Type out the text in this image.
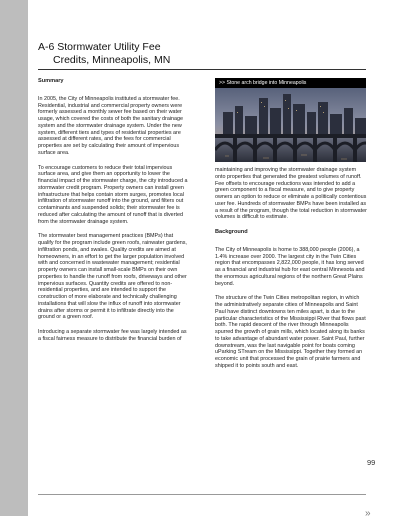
A-6 Stormwater Utility Fee
Credits, Minneapolis, MN

Summary

In 2005, the City of Minneapolis instituted a stormwater fee. Residential, industrial and commercial property owners were formerly assessed a monthly sewer fee based on their water usage, which covered the costs of both the sanitary drainage system and the stormwater drainage system. Under the new system, different tiers and types of residential properties are assessed at different rates, and the fees for commercial properties are set by calculating their amount of impervious surface area.

To encourage customers to reduce their total impervious surface area, and give them an opportunity to lower the financial impact of the stormwater charge, the city introduced a stormwater credit program. Property owners can install green infrastructure that helps contain storm surges, promotes local infiltration of stormwater runoff into the ground, and filters out contaminants and suspended solids; their stormwater fee is reduced after calculating the amount of runoff that is diverted from the stormwater drainage system.

The stormwater best management practices (BMPs) that qualify for the program include green roofs, rainwater gardens, infiltration ponds, and swales. Quality credits are aimed at homeowners, in an effort to get the larger population involved with and concerned in wastewater management; residential property owners can install small-scale BMPs on their own properties to handle the runoff from roofs, driveways and other impervious surfaces. Quantity credits are offered to non-residential properties, and are intended to support the construction of more elaborate and technically challenging installations that will slow the influx of runoff into stormwater drains after storms or permit it to infiltrate directly into the ground or a green roof.

Introducing a separate stormwater fee was largely intended as a fiscal fairness measure to distribute the financial burden of

>> Stone arch bridge into Minneapolis

maintaining and improving the stormwater drainage system onto properties that generated the greatest volumes of runoff. Fee offsets to encourage reductions was intended to add a green component to a fiscal measure, and to give property owners an option to reduce or eliminate a politically contentious user fee. Hundreds of stormwater BMPs have been installed as a result of the program, though the total reduction in stormwater volumes is difficult to estimate.

Background

The City of Minneapolis is home to 388,000 people (2006), a 1.4% increase over 2000. The largest city in the Twin Cities region that encompasses 2,822,000 people, it has long served as a financial and industrial hub for east central Minnesota and the enormous agricultural regions of the northern Great Plains beyond.

The structure of the Twin Cities metropolitan region, in which the administratively separate cities of Minneapolis and Saint Paul have distinct downtowns ten miles apart, is due to the particular characteristics of the Mississippi River that flows past both. The rapid descent of the river through Minneapolis spurred the growth of grain mills, which located along its banks to take advantage of abundant water power. Saint Paul, further downstream, was the last navigable point for boats coming uParking STream on the Mississippi. Together they formed an economic unit that processed the grain of prairie farmers and shipped it to points south and east.

99
»
